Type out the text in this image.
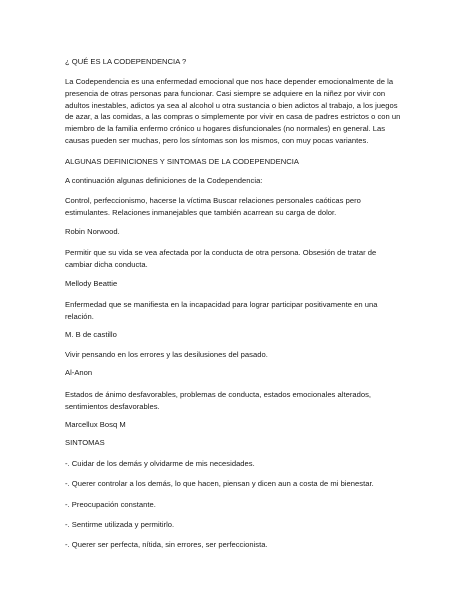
¿ QUÉ ES LA CODEPENDENCIA ?
La Codependencia es una enfermedad emocional que nos hace depender emocionalmente de la
presencia de otras personas para funcionar. Casi siempre se adquiere en la niñez por vivir con
adultos inestables, adictos ya sea al alcohol u otra sustancia o bien adictos al trabajo, a los juegos
de azar, a las comidas, a las compras o simplemente por vivir en casa de padres estrictos o con un
miembro de la familia enfermo crónico u hogares disfuncionales (no normales) en general. Las
causas pueden ser muchas, pero los síntomas son los mismos, con muy pocas variantes.
ALGUNAS DEFINICIONES Y SINTOMAS DE LA CODEPENDENCIA
A continuación algunas definiciones de la Codependencia:
Control, perfeccionismo, hacerse la víctima Buscar relaciones personales caóticas pero
estimulantes. Relaciones inmanejables que también acarrean su carga de dolor.
Robin Norwood.
Permitir que su vida se vea afectada por la conducta de otra persona. Obsesión de tratar de
cambiar dicha conducta.
Mellody Beattie
Enfermedad que se manifiesta en la incapacidad para lograr participar positivamente en una
relación.
M. B de castillo
Vivir pensando en los errores y las desilusiones del pasado.
Al-Anon
Estados de ánimo desfavorables, problemas de conducta, estados emocionales alterados,
sentimientos desfavorables.
Marcellux Bosq M
SINTOMAS
-. Cuidar de los demás y olvidarme de mis necesidades.
-. Querer controlar a los demás, lo que hacen, piensan y dicen aun a costa de mi bienestar.
-. Preocupación constante.
-. Sentirme utilizada y permitirlo.
-. Querer ser perfecta, nítida, sin errores, ser perfeccionista.
